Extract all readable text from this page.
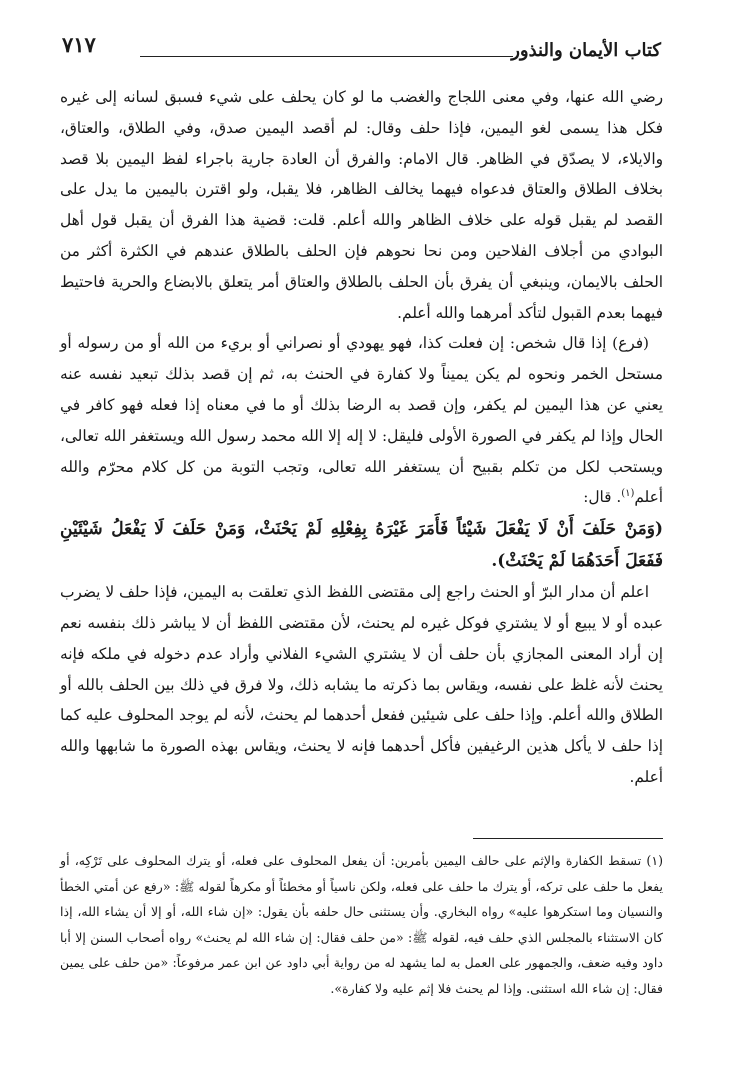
٧١٧	كتاب الأيمان والنذور

رضي الله عنها، وفي معنى اللجاج والغضب ما لو كان يحلف على شيء فسبق لسانه إلى غيره فكل هذا يسمى لغو اليمين، فإذا حلف وقال: لم أقصد اليمين صدق، وفي الطلاق، والعتاق، والايلاء، لا يصدّق في الظاهر. قال الامام: والفرق أن العادة جارية باجراء لفظ اليمين بلا قصد بخلاف الطلاق والعتاق فدعواه فيهما يخالف الظاهر، فلا يقبل، ولو اقترن باليمين ما يدل على القصد لم يقبل قوله على خلاف الظاهر والله أعلم. قلت: قضية هذا الفرق أن يقبل قول أهل البوادي من أجلاف الفلاحين ومن نحا نحوهم فإن الحلف بالطلاق عندهم في الكثرة أكثر من الحلف بالايمان، وينبغي أن يفرق بأن الحلف بالطلاق والعتاق أمر يتعلق بالابضاع والحرية فاحتيط فيهما بعدم القبول لتأكد أمرهما والله أعلم.

(فرع) إذا قال شخص: إن فعلت كذا، فهو يهودي أو نصراني أو بريء من الله أو من رسوله أو مستحل الخمر ونحوه لم يكن يميناً ولا كفارة في الحنث به، ثم إن قصد بذلك تبعيد نفسه عنه يعني عن هذا اليمين لم يكفر، وإن قصد به الرضا بذلك أو ما في معناه إذا فعله فهو كافر في الحال وإذا لم يكفر في الصورة الأولى فليقل: لا إله إلا الله محمد رسول الله ويستغفر الله تعالى، ويستحب لكل من تكلم بقبيح أن يستغفر الله تعالى، وتجب التوبة من كل كلام محرّم والله أعلم$^{(١)}$. قال:

(وَمَنْ حَلَفَ أَنْ لَا يَفْعَلَ شَيْئاً فَأَمَرَ غَيْرَهُ بِفِعْلِهِ لَمْ يَحْنَثْ، وَمَنْ حَلَفَ لَا يَفْعَلُ شَيْئَيْنِ فَفَعَلَ أَحَدَهُمَا لَمْ يَحْنَثْ).

اعلم أن مدار البرّ أو الحنث راجع إلى مقتضى اللفظ الذي تعلقت به اليمين، فإذا حلف لا يضرب عبده أو لا يبيع أو لا يشتري فوكل غيره لم يحنث، لأن مقتضى اللفظ أن لا يباشر ذلك بنفسه نعم إن أراد المعنى المجازي بأن حلف أن لا يشتري الشيء الفلاني وأراد عدم دخوله في ملكه فإنه يحنث لأنه غلظ على نفسه، ويقاس بما ذكرته ما يشابه ذلك، ولا فرق في ذلك بين الحلف بالله أو الطلاق والله أعلم. وإذا حلف على شيئين ففعل أحدهما لم يحنث، لأنه لم يوجد المحلوف عليه كما إذا حلف لا يأكل هذين الرغيفين فأكل أحدهما فإنه لا يحنث، ويقاس بهذه الصورة ما شابهها والله أعلم.

(١) تسقط الكفارة والإثم على حالف اليمين بأمرين: أن يفعل المحلوف على فعله، أو يترك المحلوف على تَرْكِه، أو يفعل ما حلف على تركه، أو يترك ما حلف على فعله، ولكن ناسياً أو مخطئاً أو مكرهاً لقوله ﷺ: «رفع عن أمتي الخطأ والنسيان وما استكرهوا عليه» رواه البخاري. وأن يستثنى حال حلفه بأن يقول: «إن شاء الله، أو إلا أن يشاء الله، إذا كان الاستثناء بالمجلس الذي حلف فيه، لقوله ﷺ: «من حلف فقال: إن شاء الله لم يحنث» رواه أصحاب السنن إلا أبا داود وفيه ضعف، والجمهور على العمل به لما يشهد له من رواية أبي داود عن ابن عمر مرفوعاً: «من حلف على يمين فقال: إن شاء الله استثنى. وإذا لم يحنث فلا إثم عليه ولا كفارة».
